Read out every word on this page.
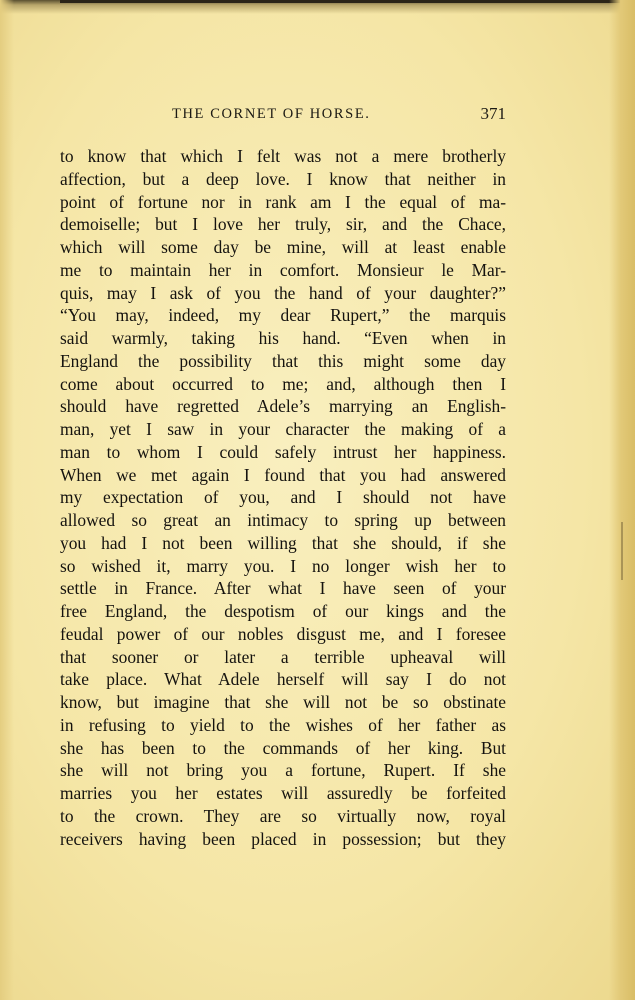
THE CORNET OF HORSE.	371
to know that which I felt was not a mere brotherly
affection, but a deep love. I know that neither in
point of fortune nor in rank am I the equal of ma-
demoiselle; but I love her truly, sir, and the Chace,
which will some day be mine, will at least enable
me to maintain her in comfort. Monsieur le Mar-
quis, may I ask of you the hand of your daughter?”
“You may, indeed, my dear Rupert,” the marquis
said warmly, taking his hand. “Even when in
England the possibility that this might some day
come about occurred to me; and, although then I
should have regretted Adele’s marrying an English-
man, yet I saw in your character the making of a
man to whom I could safely intrust her happiness.
When we met again I found that you had answered
my expectation of you, and I should not have
allowed so great an intimacy to spring up between
you had I not been willing that she should, if she
so wished it, marry you. I no longer wish her to
settle in France. After what I have seen of your
free England, the despotism of our kings and the
feudal power of our nobles disgust me, and I foresee
that sooner or later a terrible upheaval will
take place. What Adele herself will say I do not
know, but imagine that she will not be so obstinate
in refusing to yield to the wishes of her father as
she has been to the commands of her king. But
she will not bring you a fortune, Rupert. If she
marries you her estates will assuredly be forfeited
to the crown. They are so virtually now, royal
receivers having been placed in possession; but they
